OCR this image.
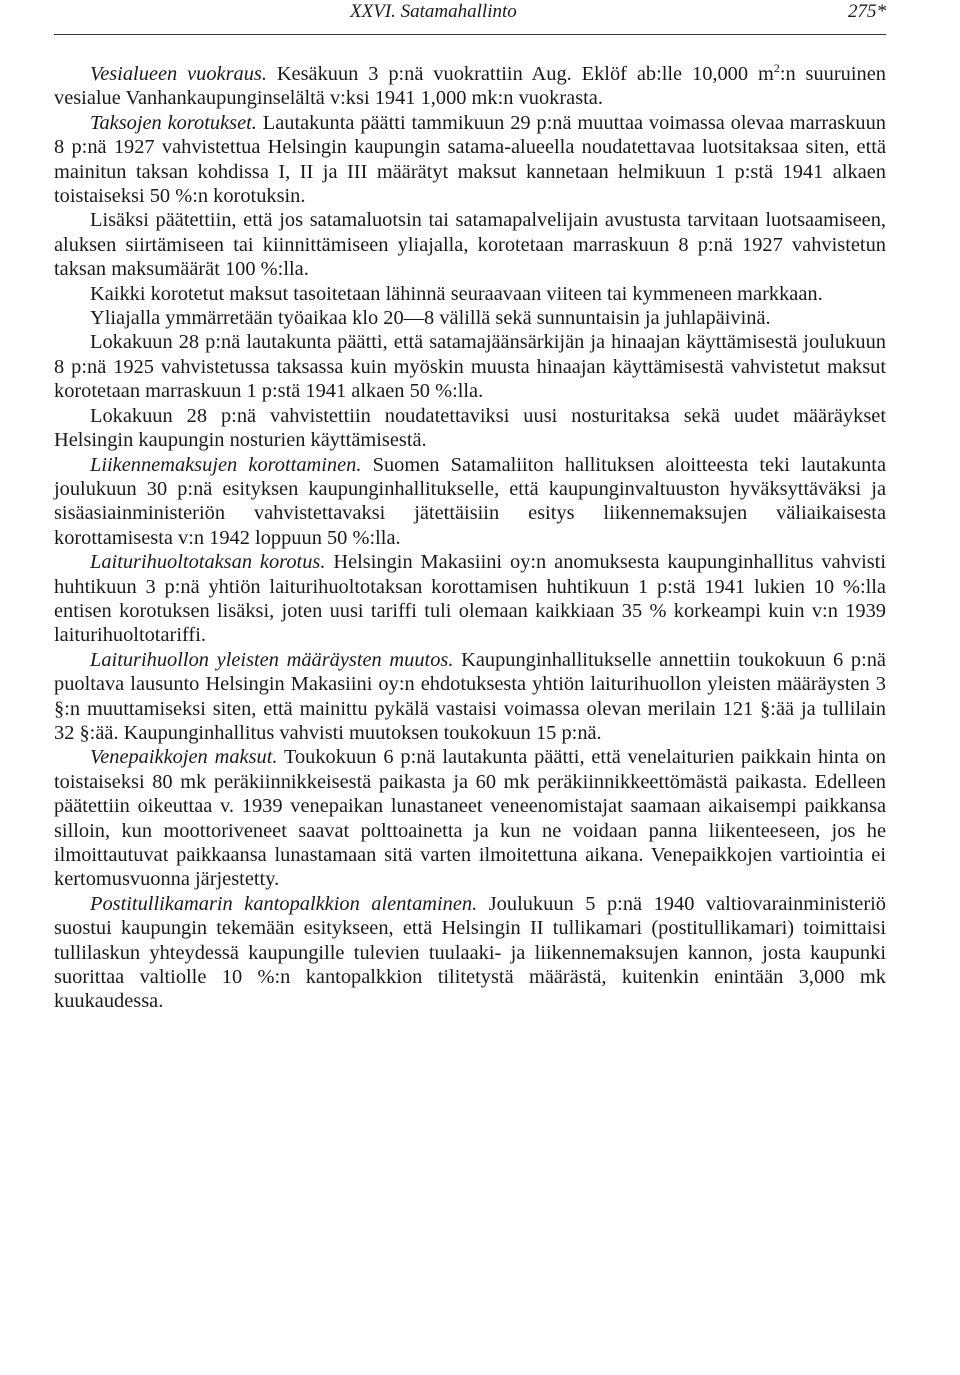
XXVI. Satamahallinto	275*

Vesialueen vuokraus. Kesäkuun 3 p:nä vuokrattiin Aug. Eklöf ab:lle 10,000 $m^2:n$ suuruinen vesialue Vanhankaupunginselältä v:ksi 1941 1,000 mk:n vuokrasta.

Taksojen korotukset. Lautakunta päätti tammikuun 29 p:nä muuttaa voimassa olevaa marraskuun 8 p:nä 1927 vahvistettua Helsingin kaupungin satama-alueella noudatettavaa luotsitaksaa siten, että mainitun taksan kohdissa I, II ja III määrätyt maksut kannetaan helmikuun 1 p:stä 1941 alkaen toistaiseksi 50 %:n korotuksin.

Lisäksi päätettiin, että jos satamaluotsin tai satamapalvelijain avustusta tarvitaan luotsaamiseen, aluksen siirtämiseen tai kiinnittämiseen yliajalla, korotetaan marraskuun 8 p:nä 1927 vahvistetun taksan maksumäärät 100 %:lla.

Kaikki korotetut maksut tasoitetaan lähinnä seuraavaan viiteen tai kymmeneen markkaan.

Yliajalla ymmärretään työaikaa klo 20—8 välillä sekä sunnuntaisin ja juhlapäivinä.

Lokakuun 28 p:nä lautakunta päätti, että satamajäänsärkijän ja hinaajan käyttämisestä joulukuun 8 p:nä 1925 vahvistetussa taksassa kuin myöskin muusta hinaajan käyttämisestä vahvistetut maksut korotetaan marraskuun 1 p:stä 1941 alkaen 50 %:lla.

Lokakuun 28 p:nä vahvistettiin noudatettaviksi uusi nosturitaksa sekä uudet määräykset Helsingin kaupungin nosturien käyttämisestä.

Liikennemaksujen korottaminen. Suomen Satamaliiton hallituksen aloitteesta teki lautakunta joulukuun 30 p:nä esityksen kaupunginhallitukselle, että kaupunginvaltuuston hyväksyttäväksi ja sisäasiainministeriön vahvistettavaksi jätettäisiin esitys liikennemaksujen väliaikaisesta korottamisesta v:n 1942 loppuun 50 %:lla.

Laiturihuoltotaksan korotus. Helsingin Makasiini oy:n anomuksesta kaupunginhallitus vahvisti huhtikuun 3 p:nä yhtiön laiturihuoltotaksan korottamisen huhtikuun 1 p:stä 1941 lukien 10 %:lla entisen korotuksen lisäksi, joten uusi tariffi tuli olemaan kaikkiaan 35 % korkeampi kuin v:n 1939 laiturihuoltotariffi.

Laiturihuollon yleisten määräysten muutos. Kaupunginhallitukselle annettiin toukokuun 6 p:nä puoltava lausunto Helsingin Makasiini oy:n ehdotuksesta yhtiön laiturihuollon yleisten määräysten 3 §:n muuttamiseksi siten, että mainittu pykälä vastaisi voimassa olevan merilain 121 §:ää ja tullilain 32 §:ää. Kaupunginhallitus vahvisti muutoksen toukokuun 15 p:nä.

Venepaikkojen maksut. Toukokuun 6 p:nä lautakunta päätti, että venelaiturien paikkain hinta on toistaiseksi 80 mk peräkiinnikkeisestä paikasta ja 60 mk peräkiinnikkeettömästä paikasta. Edelleen päätettiin oikeuttaa v. 1939 venepaikan lunastaneet veneenomistajat saamaan aikaisempi paikkansa silloin, kun moottoriveneet saavat polttoainetta ja kun ne voidaan panna liikenteeseen, jos he ilmoittautuvat paikkaansa lunastamaan sitä varten ilmoitettuna aikana. Venepaikkojen vartiointia ei kertomusvuonna järjestetty.

Postitullikamarin kantopalkkion alentaminen. Joulukuun 5 p:nä 1940 valtiovarainministeriö suostui kaupungin tekemään esitykseen, että Helsingin II tullikamari (postitullikamari) toimittaisi tullilaskun yhteydessä kaupungille tulevien tuulaaki- ja liikennemaksujen kannon, josta kaupunki suorittaa valtiolle 10 %:n kantopalkkion tilitetystä määrästä, kuitenkin enintään 3,000 mk kuukaudessa.
